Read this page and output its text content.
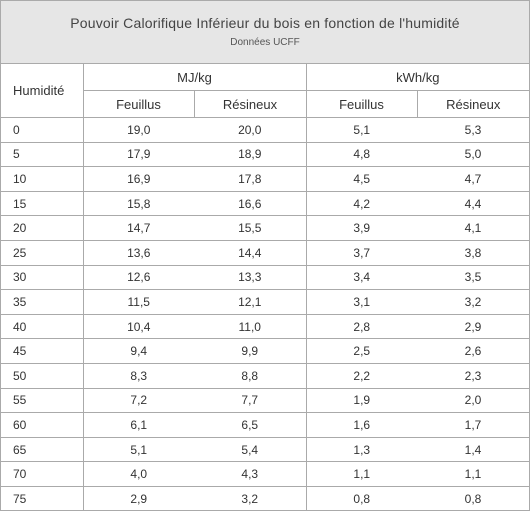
Pouvoir Calorifique Inférieur du bois en fonction de l'humidité
Données UCFF
Humidité	MJ/kg		kWh/kg	
	Feuillus	Résineux	Feuillus	Résineux
0	19,0	20,0	5,1	5,3
5	17,9	18,9	4,8	5,0
10	16,9	17,8	4,5	4,7
15	15,8	16,6	4,2	4,4
20	14,7	15,5	3,9	4,1
25	13,6	14,4	3,7	3,8
30	12,6	13,3	3,4	3,5
35	11,5	12,1	3,1	3,2
40	10,4	11,0	2,8	2,9
45	9,4	9,9	2,5	2,6
50	8,3	8,8	2,2	2,3
55	7,2	7,7	1,9	2,0
60	6,1	6,5	1,6	1,7
65	5,1	5,4	1,3	1,4
70	4,0	4,3	1,1	1,1
75	2,9	3,2	0,8	0,8
